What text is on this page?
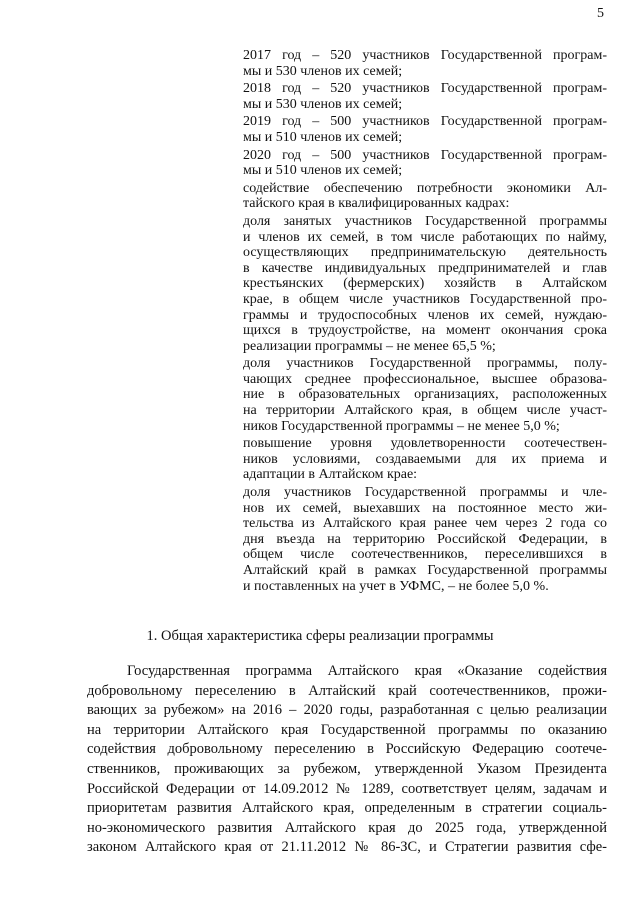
5

2017 год – 520 участников Государственной програм-
мы и 530 членов их семей;

2018 год – 520 участников Государственной програм-
мы и 530 членов их семей;

2019 год – 500 участников Государственной програм-
мы и 510 членов их семей;

2020 год – 500 участников Государственной програм-
мы и 510 членов их семей;

содействие обеспечению потребности экономики Ал-
тайского края в квалифицированных кадрах:

доля занятых участников Государственной программы
и членов их семей, в том числе работающих по найму,
осуществляющих предпринимательскую деятельность
в качестве индивидуальных предпринимателей и глав
крестьянских (фермерских) хозяйств в Алтайском
крае, в общем числе участников Государственной про-
граммы и трудоспособных членов их семей, нуждаю-
щихся в трудоустройстве, на момент окончания срока
реализации программы – не менее 65,5 %;

доля участников Государственной программы, полу-
чающих среднее профессиональное, высшее образова-
ние в образовательных организациях, расположенных
на территории Алтайского края, в общем числе участ-
ников Государственной программы – не менее 5,0 %;

повышение уровня удовлетворенности соотечествен-
ников условиями, создаваемыми для их приема и
адаптации в Алтайском крае:

доля участников Государственной программы и чле-
нов их семей, выехавших на постоянное место жи-
тельства из Алтайского края ранее чем через 2 года со
дня въезда на территорию Российской Федерации, в
общем числе соотечественников, переселившихся в
Алтайский край в рамках Государственной программы
и поставленных на учет в УФМС, – не более 5,0 %.

1. Общая характеристика сферы реализации программы
Государственная программа Алтайского края «Оказание содействия
добровольному переселению в Алтайский край соотечественников, прожи-
вающих за рубежом» на 2016 – 2020 годы, разработанная с целью реализации
на территории Алтайского края Государственной программы по оказанию
содействия добровольному переселению в Российскую Федерацию соотече-
ственников, проживающих за рубежом, утвержденной Указом Президента
Российской Федерации от 14.09.2012 № 1289, соответствует целям, задачам и
приоритетам развития Алтайского края, определенным в стратегии социаль-
но-экономического развития Алтайского края до 2025 года, утвержденной
законом Алтайского края от 21.11.2012 № 86-ЗС, и Стратегии развития сфе-
